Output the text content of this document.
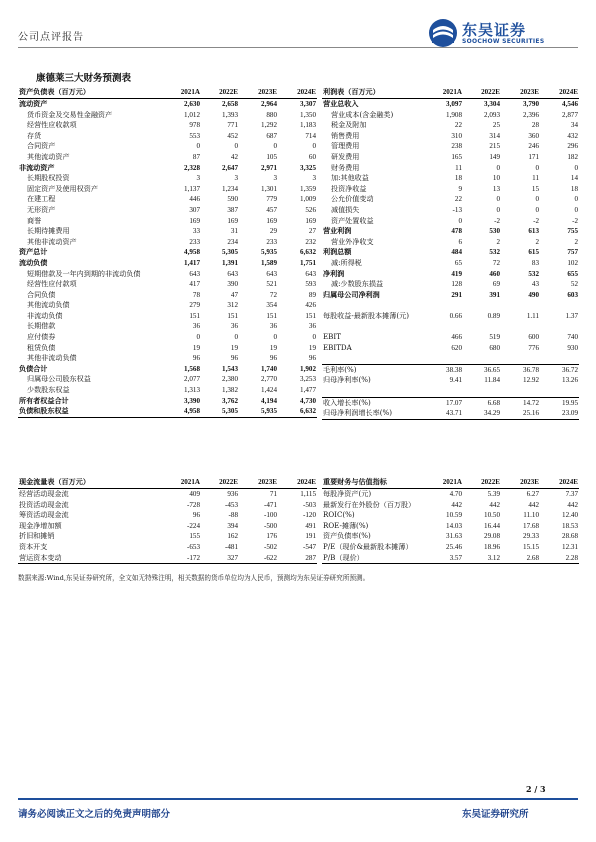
公司点评报告	东吴证券
SOOCHOW SECURITIES
康德莱三大财务预测表
资产负债表（百万元）	2021A	2022E	2023E	2024E
流动资产	2,630	2,658	2,964	3,307
货币资金及交易性金融资产	1,012	1,393	880	1,350
经营性应收款项	978	771	1,292	1,183
存货	553	452	687	714
合同资产	0	0	0	0
其他流动资产	87	42	105	60
非流动资产	2,328	2,647	2,971	3,325
长期股权投资	3	3	3	3
固定资产及使用权资产	1,137	1,234	1,301	1,359
在建工程	446	590	779	1,009
无形资产	307	387	457	526
商誉	169	169	169	169
长期待摊费用	33	31	29	27
其他非流动资产	233	234	233	232
资产总计	4,958	5,305	5,935	6,632
流动负债	1,417	1,391	1,589	1,751
短期借款及一年内到期的非流动负债	643	643	643	643
经营性应付款项	417	390	521	593
合同负债	78	47	72	89
其他流动负债	279	312	354	426
非流动负债	151	151	151	151
长期借款	36	36	36	36
应付债券	0	0	0	0
租赁负债	19	19	19	19
其他非流动负债	96	96	96	96
负债合计	1,568	1,543	1,740	1,902
归属母公司股东权益	2,077	2,380	2,770	3,253
少数股东权益	1,313	1,382	1,424	1,477
所有者权益合计	3,390	3,762	4,194	4,730
负债和股东权益	4,958	5,305	5,935	6,632
利润表（百万元）	2021A	2022E	2023E	2024E
营业总收入	3,097	3,304	3,790	4,546
营业成本(含金融类)	1,908	2,093	2,396	2,877
税金及附加	22	25	28	34
销售费用	310	314	360	432
管理费用	238	215	246	296
研发费用	165	149	171	182
财务费用	11	0	0	0
加:其他收益	18	10	11	14
投资净收益	9	13	15	18
公允价值变动	22	0	0	0
减值损失	-13	0	0	0
资产处置收益	0	-2	-2	-2
营业利润	478	530	613	755
营业外净收支	6	2	2	2
利润总额	484	532	615	757
减:所得税	65	72	83	102
净利润	419	460	532	655
减:少数股东损益	128	69	43	52
归属母公司净利润	291	391	490	603

每股收益-最新股本摊薄(元)	0.66	0.89	1.11	1.37

EBIT	466	519	600	740
EBITDA	620	680	776	930

毛利率(%)	38.38	36.65	36.78	36.72
归母净利率(%)	9.41	11.84	12.92	13.26

收入增长率(%)	17.07	6.68	14.72	19.95
归母净利润增长率(%)	43.71	34.29	25.16	23.09
现金流量表（百万元）	2021A	2022E	2023E	2024E
经营活动现金流	409	936	71	1,115
投资活动现金流	-728	-453	-471	-503
筹资活动现金流	96	-88	-100	-120
现金净增加额	-224	394	-500	491
折旧和摊销	155	162	176	191
资本开支	-653	-481	-502	-547
营运资本变动	-172	327	-622	287
重要财务与估值指标	2021A	2022E	2023E	2024E
每股净资产(元)	4.70	5.39	6.27	7.37
最新发行在外股份（百万股）	442	442	442	442
ROIC(%)	10.59	10.50	11.10	12.40
ROE-摊薄(%)	14.03	16.44	17.68	18.53
资产负债率(%)	31.63	29.08	29.33	28.68
P/E（现价&最新股本摊薄）	25.46	18.96	15.15	12.31
P/B（现价）	3.57	3.12	2.68	2.28
数据来源:Wind,东吴证券研究所，全文如无特殊注明，相关数据的货币单位均为人民币，预测均为东吴证券研究所预测。
2 / 3
请务必阅读正文之后的免责声明部分	东吴证券研究所
